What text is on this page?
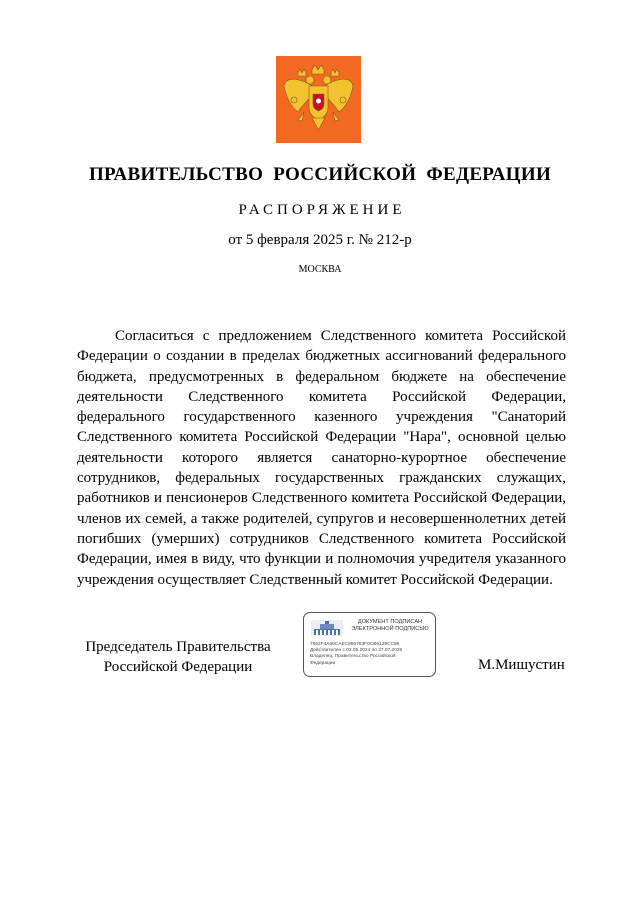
ПРАВИТЕЛЬСТВО РОССИЙСКОЙ ФЕДЕРАЦИИ
РАСПОРЯЖЕНИЕ
от 5 февраля 2025 г. № 212-р
МОСКВА

Согласиться с предложением Следственного комитета Российской Федерации о создании в пределах бюджетных ассигнований федерального бюджета, предусмотренных в федеральном бюджете на обеспечение деятельности Следственного комитета Российской Федерации, федерального государственного казенного учреждения "Санаторий Следственного комитета Российской Федерации "Нара", основной целью деятельности которого является санаторно-курортное обеспечение сотрудников, федеральных государственных гражданских служащих, работников и пенсионеров Следственного комитета Российской Федерации, членов их семей, а также родителей, супругов и несовершеннолетних детей погибших (умерших) сотрудников Следственного комитета Российской Федерации, имея в виду, что функции и полномочия учредителя указанного учреждения осуществляет Следственный комитет Российской Федерации.

Председатель Правительства
Российской Федерации
ДОКУМЕНТ ПОДПИСАН
ЭЛЕКТРОННОЙ ПОДПИСЬЮ
7662F4A60CAEC896783F0CB6129CC86
Действителен с 03.05.2024 по 27.07.2025
Владелец: Правительство Российской
Федерации	М.Мишустин
